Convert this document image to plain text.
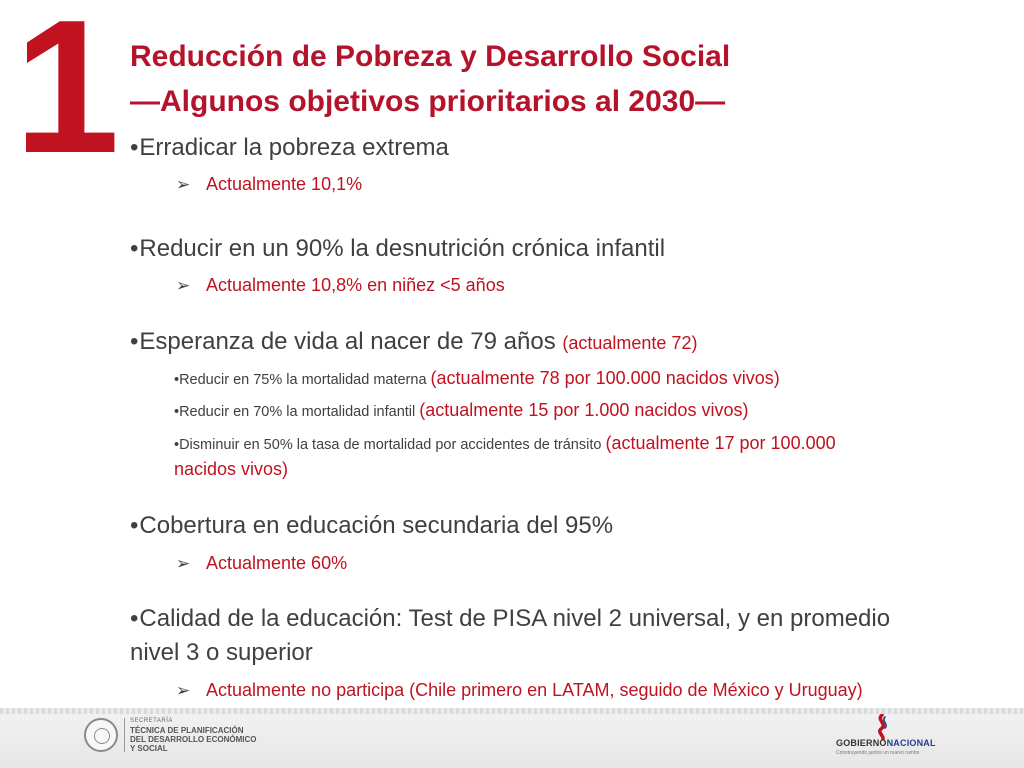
1 Reducción de Pobreza y Desarrollo Social
—Algunos objetivos prioritarios al 2030—
•Erradicar la pobreza extrema
➢ Actualmente 10,1%
•Reducir en un 90% la desnutrición crónica infantil
➢ Actualmente 10,8% en niñez <5 años
•Esperanza de vida al nacer de 79 años (actualmente 72)
•Reducir en 75% la mortalidad materna (actualmente 78 por 100.000 nacidos vivos)
•Reducir en 70% la mortalidad infantil (actualmente 15 por 1.000 nacidos vivos)
•Disminuir en 50% la tasa de mortalidad por accidentes de tránsito (actualmente 17 por 100.000
nacidos vivos)
•Cobertura en educación secundaria del 95%
➢ Actualmente 60%
•Calidad de la educación: Test de PISA nivel 2 universal, y en promedio
nivel 3 o superior
➢ Actualmente no participa (Chile primero en LATAM, seguido de México y Uruguay)
SECRETARÍA
TÉCNICA DE PLANIFICACIÓN
DEL DESARROLLO ECONÓMICO
Y SOCIAL
GOBIERNONACIONAL
Construyendo juntos un nuevo rumbo
